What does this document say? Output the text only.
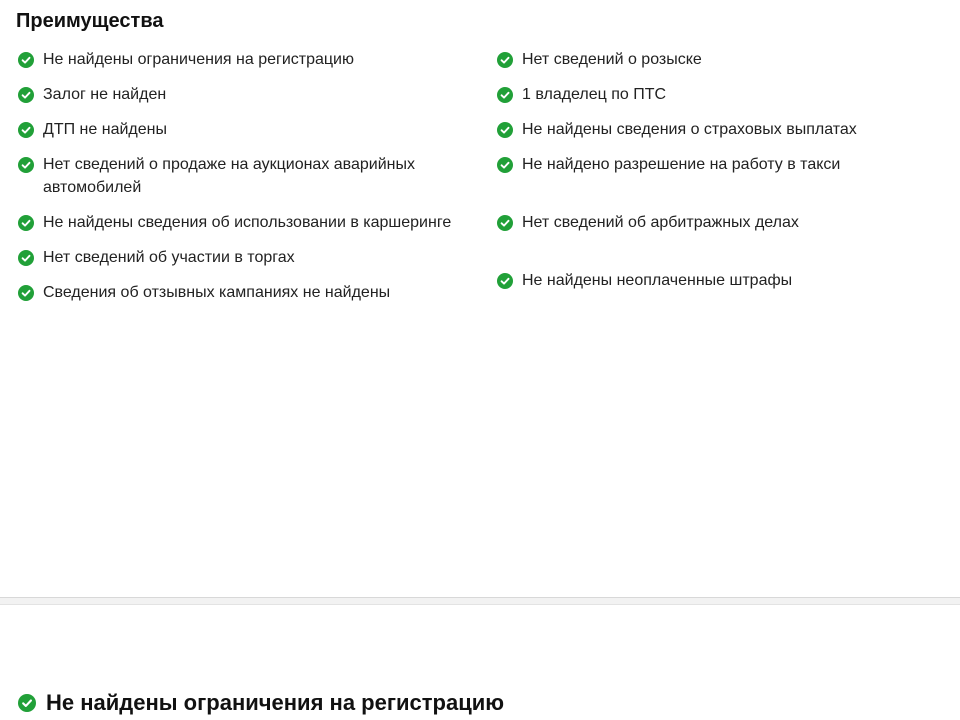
Преимущества
Не найдены ограничения на регистрацию
Залог не найден
ДТП не найдены
Нет сведений о продаже на аукционах аварийных автомобилей
Не найдены сведения об использовании в каршеринге
Нет сведений об участии в торгах
Сведения об отзывных кампаниях не найдены
Нет сведений о розыске
1 владелец по ПТС
Не найдены сведения о страховых выплатах
Не найдено разрешение на работу в такси
Нет сведений об арбитражных делах
Не найдены неоплаченные штрафы
Не найдены ограничения на регистрацию
